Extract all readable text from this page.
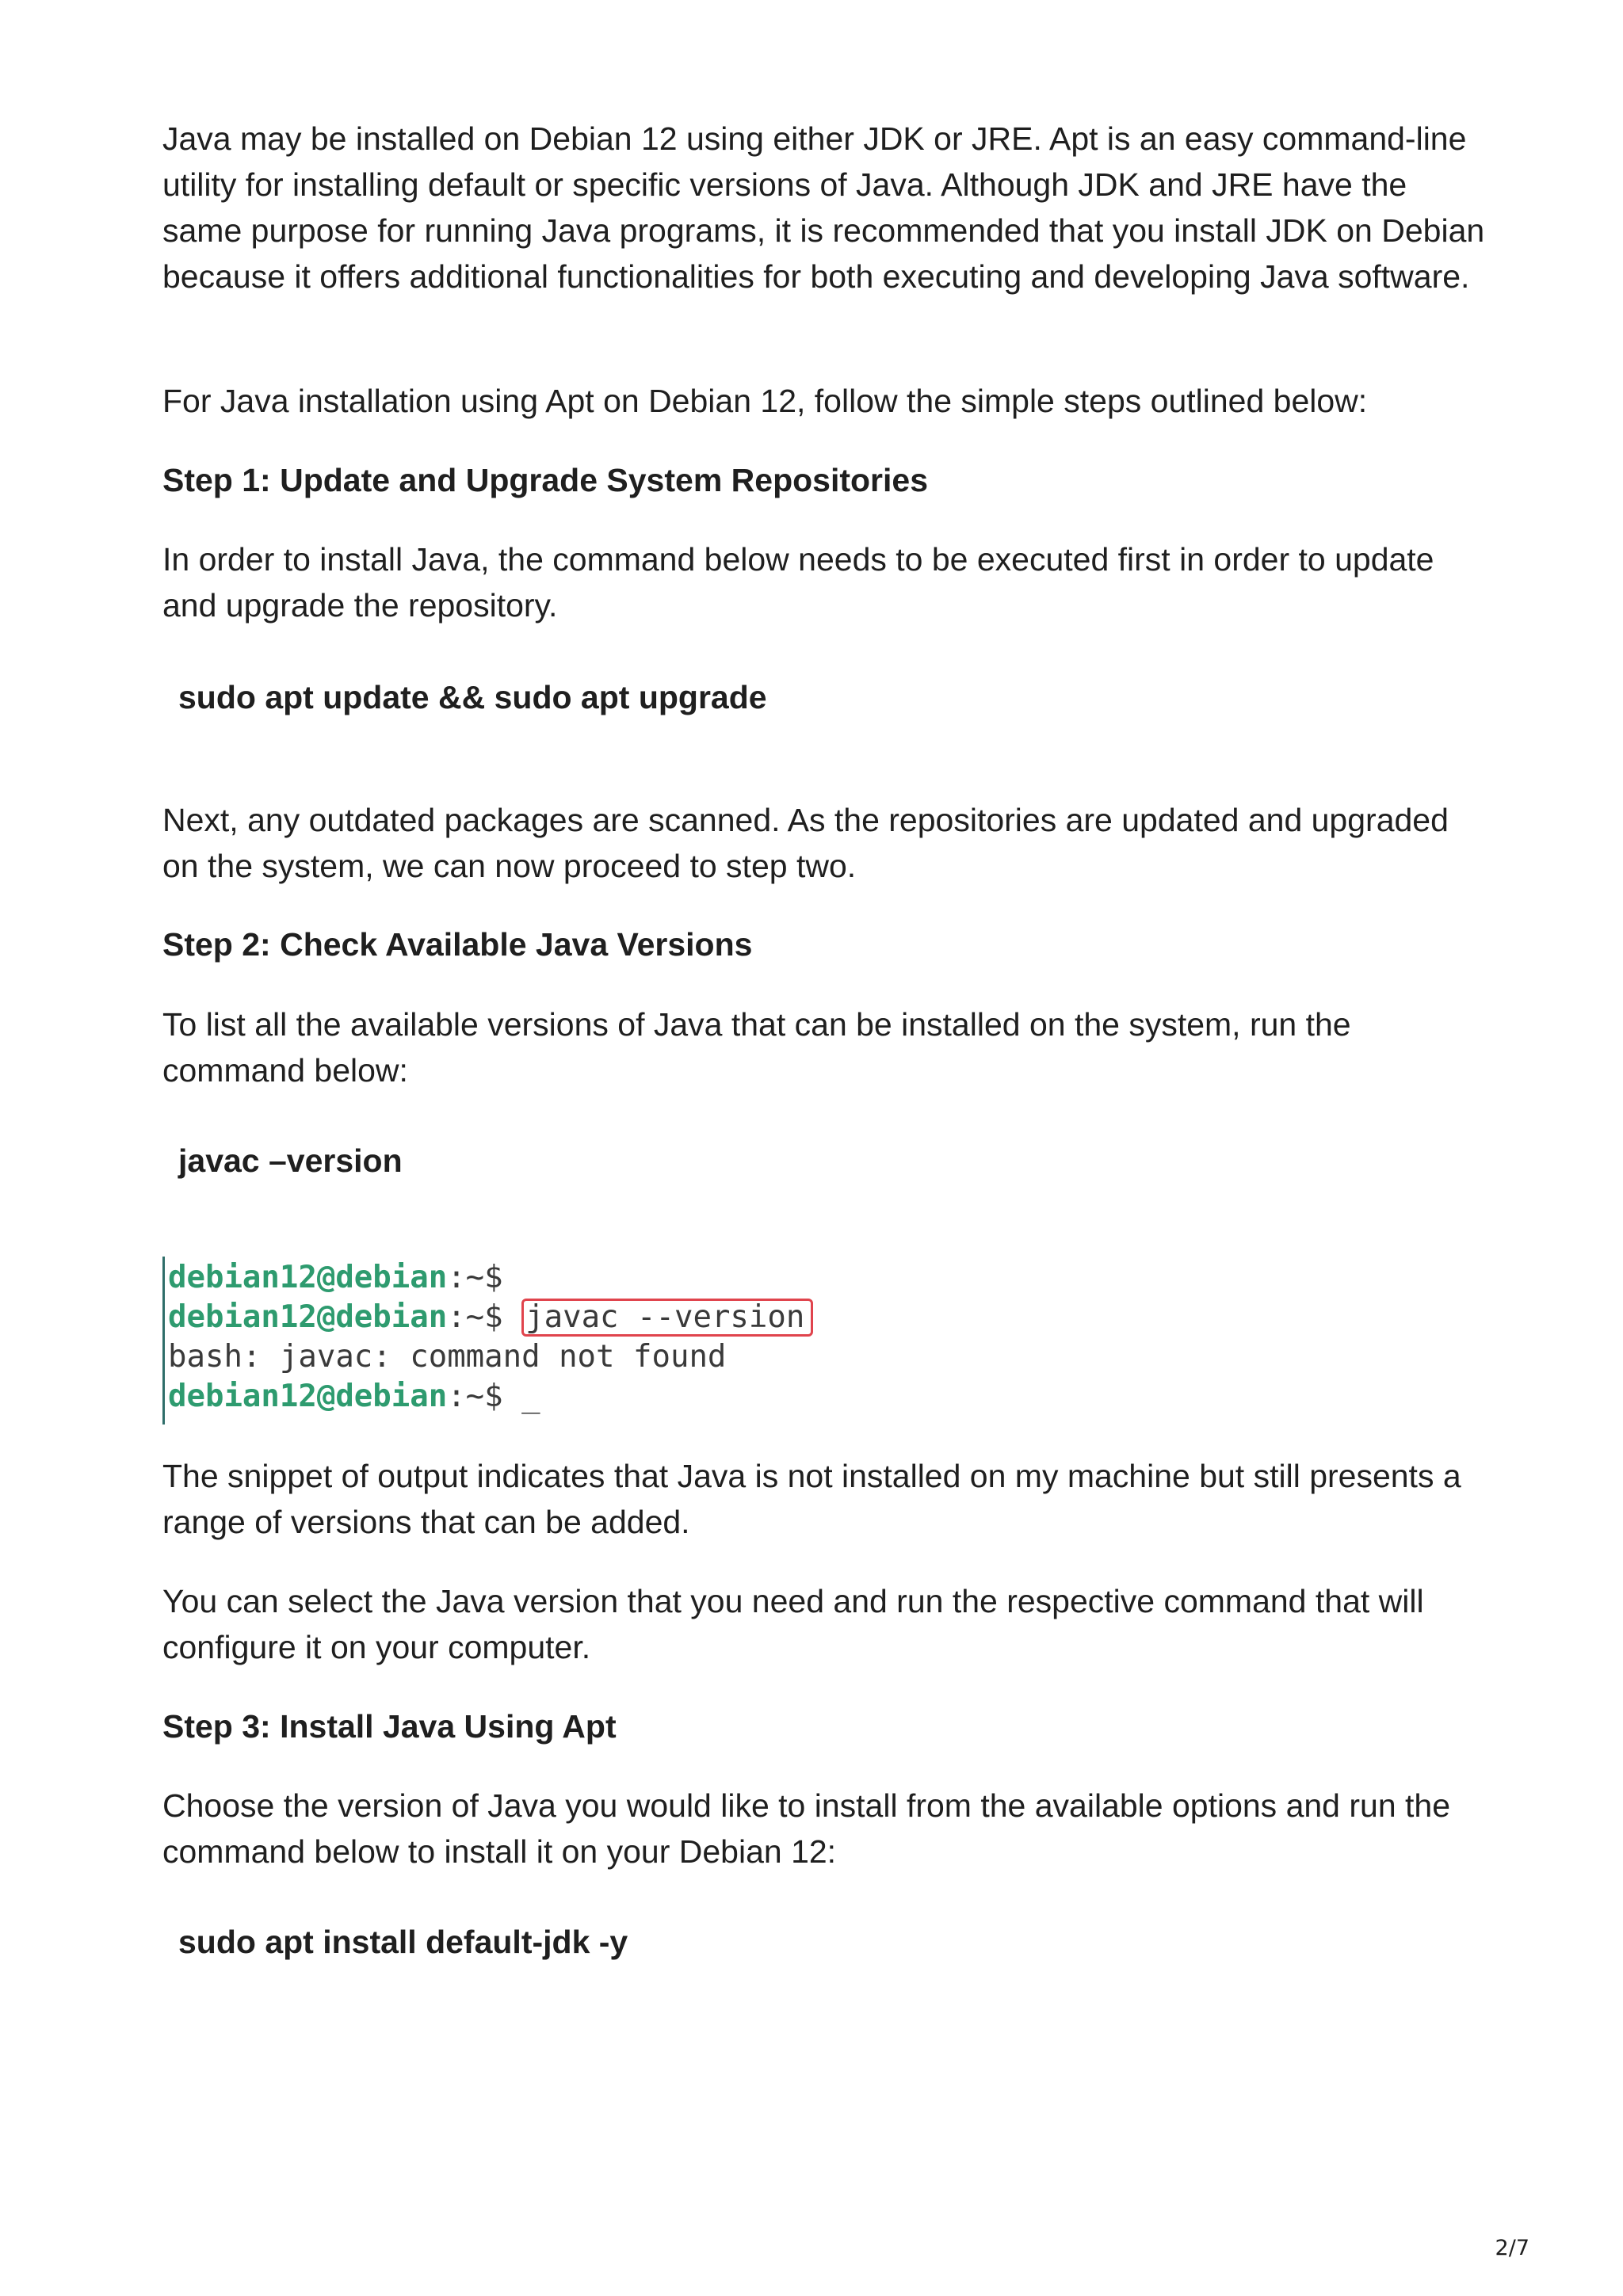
Java may be installed on Debian 12 using either JDK or JRE. Apt is an easy command-line utility for installing default or specific versions of Java. Although JDK and JRE have the same purpose for running Java programs, it is recommended that you install JDK on Debian because it offers additional functionalities for both executing and developing Java software.

For Java installation using Apt on Debian 12, follow the simple steps outlined below:

Step 1: Update and Upgrade System Repositories

In order to install Java, the command below needs to be executed first in order to update and upgrade the repository.

sudo apt update && sudo apt upgrade

Next, any outdated packages are scanned. As the repositories are updated and upgraded on the system, we can now proceed to step two.

Step 2: Check Available Java Versions

To list all the available versions of Java that can be installed on the system, run the command below:

javac –version
debian12@debian:~$
debian12@debian:~$ javac --version
bash: javac: command not found
debian12@debian:~$ _

The snippet of output indicates that Java is not installed on my machine but still presents a range of versions that can be added.

You can select the Java version that you need and run the respective command that will configure it on your computer.

Step 3: Install Java Using Apt

Choose the version of Java you would like to install from the available options and run the command below to install it on your Debian 12:

sudo apt install default-jdk -y
2/7
